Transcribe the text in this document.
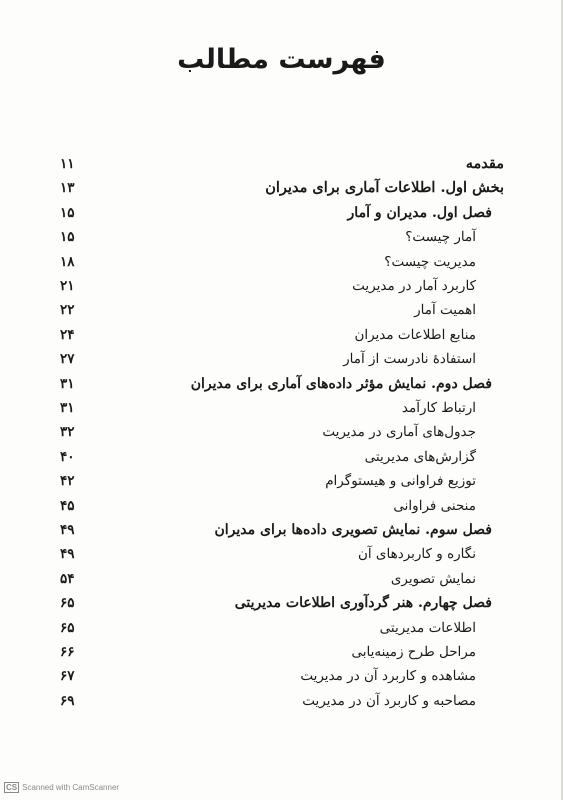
فهرست مطالب
۱۱	مقدمه
۱۳	بخش اول. اطلاعات آماری برای مدیران
۱۵	فصل اول. مدیران و آمار
۱۵	آمار چیست؟
۱۸	مدیریت چیست؟
۲۱	کاربرد آمار در مدیریت
۲۲	اهمیت آمار
۲۴	منابع اطلاعات مدیران
۲۷	استفادهٔ نادرست از آمار
۳۱	فصل دوم. نمایش مؤثر داده‌های آماری برای مدیران
۳۱	ارتباط کارآمد
۳۲	جدول‌های آماری در مدیریت
۴۰	گزارش‌های مدیریتی
۴۲	توزیع فراوانی و هیستوگرام
۴۵	منحنی فراوانی
۴۹	فصل سوم. نمایش تصویری داده‌ها برای مدیران
۴۹	نگاره و کاربردهای آن
۵۴	نمایش تصویری
۶۵	فصل چهارم. هنر گردآوری اطلاعات مدیریتی
۶۵	اطلاعات مدیریتی
۶۶	مراحل طرح زمینه‌یابی
۶۷	مشاهده و کاربرد آن در مدیریت
۶۹	مصاحبه و کاربرد آن در مدیریت
CS Scanned with CamScanner
